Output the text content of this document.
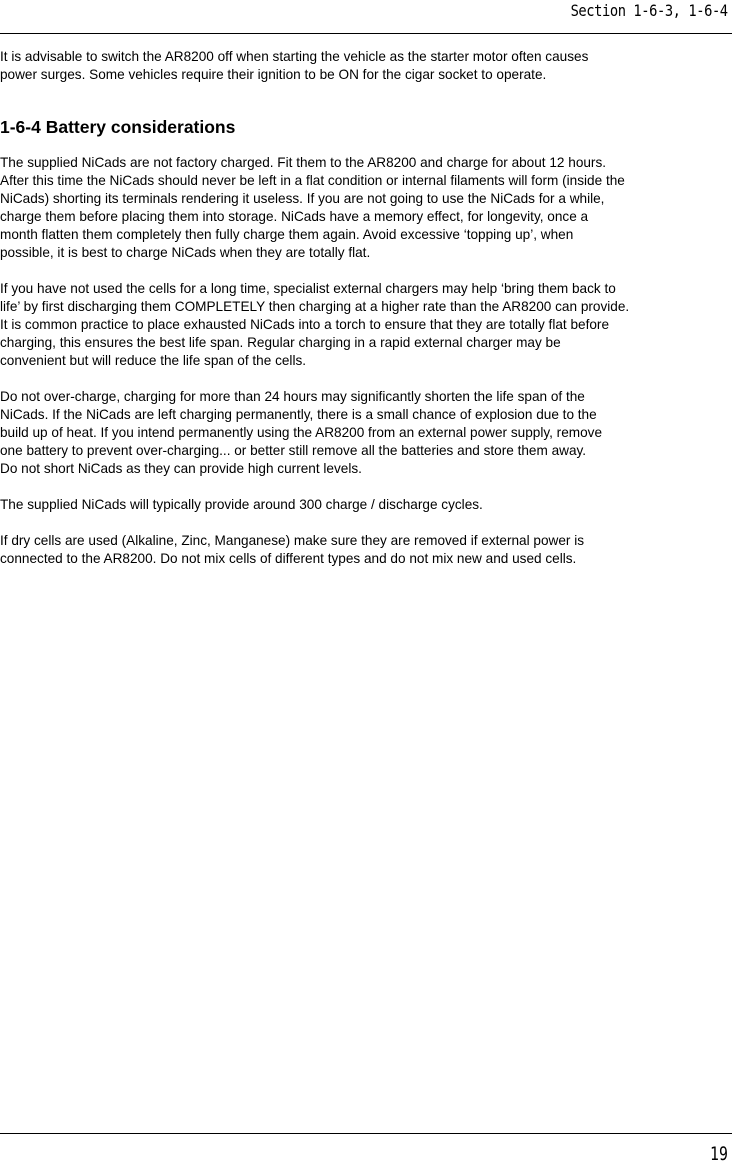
Section 1-6-3, 1-6-4

It is advisable to switch the AR8200 off when starting the vehicle as the starter motor often causes
power surges. Some vehicles require their ignition to be ON for the cigar socket to operate.

1-6-4 Battery considerations

The supplied NiCads are not factory charged. Fit them to the AR8200 and charge for about 12 hours.
After this time the NiCads should never be left in a flat condition or internal filaments will form (inside the
NiCads) shorting its terminals rendering it useless. If you are not going to use the NiCads for a while,
charge them before placing them into storage. NiCads have a memory effect, for longevity, once a
month flatten them completely then fully charge them again. Avoid excessive ‘topping up’, when
possible, it is best to charge NiCads when they are totally flat.

If you have not used the cells for a long time, specialist external chargers may help ‘bring them back to
life’ by first discharging them COMPLETELY then charging at a higher rate than the AR8200 can provide.
It is common practice to place exhausted NiCads into a torch to ensure that they are totally flat before
charging, this ensures the best life span. Regular charging in a rapid external charger may be
convenient but will reduce the life span of the cells.

Do not over-charge, charging for more than 24 hours may significantly shorten the life span of the
NiCads. If the NiCads are left charging permanently, there is a small chance of explosion due to the
build up of heat. If you intend permanently using the AR8200 from an external power supply, remove
one battery to prevent over-charging... or better still remove all the batteries and store them away.
Do not short NiCads as they can provide high current levels.

The supplied NiCads will typically provide around 300 charge / discharge cycles.

If dry cells are used (Alkaline, Zinc, Manganese) make sure they are removed if external power is
connected to the AR8200. Do not mix cells of different types and do not mix new and used cells.

19
